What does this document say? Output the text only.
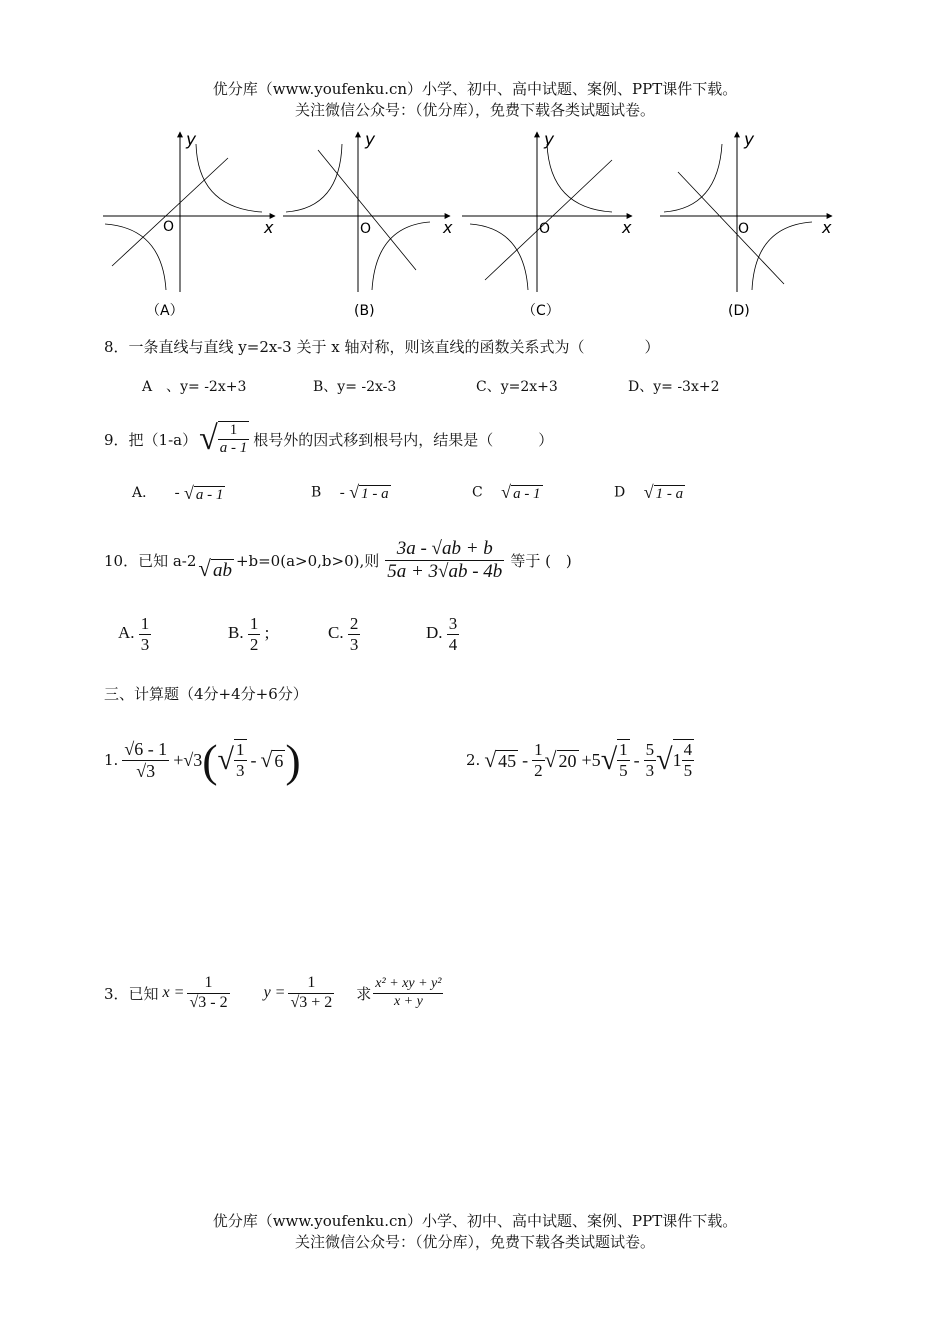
优分库（www.youfenku.cn）小学、初中、高中试题、案例、PPT课件下载。
关注微信公众号：（优分库），免费下载各类试题试卷。
y
x
O
y
x
O
y
x
O
y
x
O
（A）	(B)	（C）	(D)
8．一条直线与直线 y=2x-3 关于 x 轴对称，则该直线的函数关系式为（　　　　）
A　、y= -2x+3	B、y= -2x-3	C、y=2x+3	D、y= -3x+2
9．把（1-a） √ $\frac{1}{a - 1}$ 根号外的因式移到根号内，结果是（　　　）
A． - √ a - 1	B - √ 1 - a	C √ a - 1	D √ 1 - a
10．已知 a-2 √ ab +b=0(a>0,b>0),则 $\frac{3a - √ab + b}{5a + 3√ab - 4b}$ 等于 (　)
A. $\frac{1}{3}$	B. $\frac{1}{2}$ ;	C. $\frac{2}{3}$	D. $\frac{3}{4}$
三、计算题（4分+4分+6分）
1. $\frac{√6 - 1}{√3} +√3$ ( √ $\frac{1}{3}$ - √ 6 )	2. √ $45 - \frac{1}{2}$ √ 20 +5 √ $\frac{1}{5} - \frac{5}{3}$ √ $1 \frac{4}{5}$
3．已知 $x = \frac{1}{√3 - 2}$ $y = \frac{1}{√3 + 2}$ 求 $\frac{\text{x² + xy + y²}}{x + y}$
优分库（www.youfenku.cn）小学、初中、高中试题、案例、PPT课件下载。
关注微信公众号：（优分库），免费下载各类试题试卷。
